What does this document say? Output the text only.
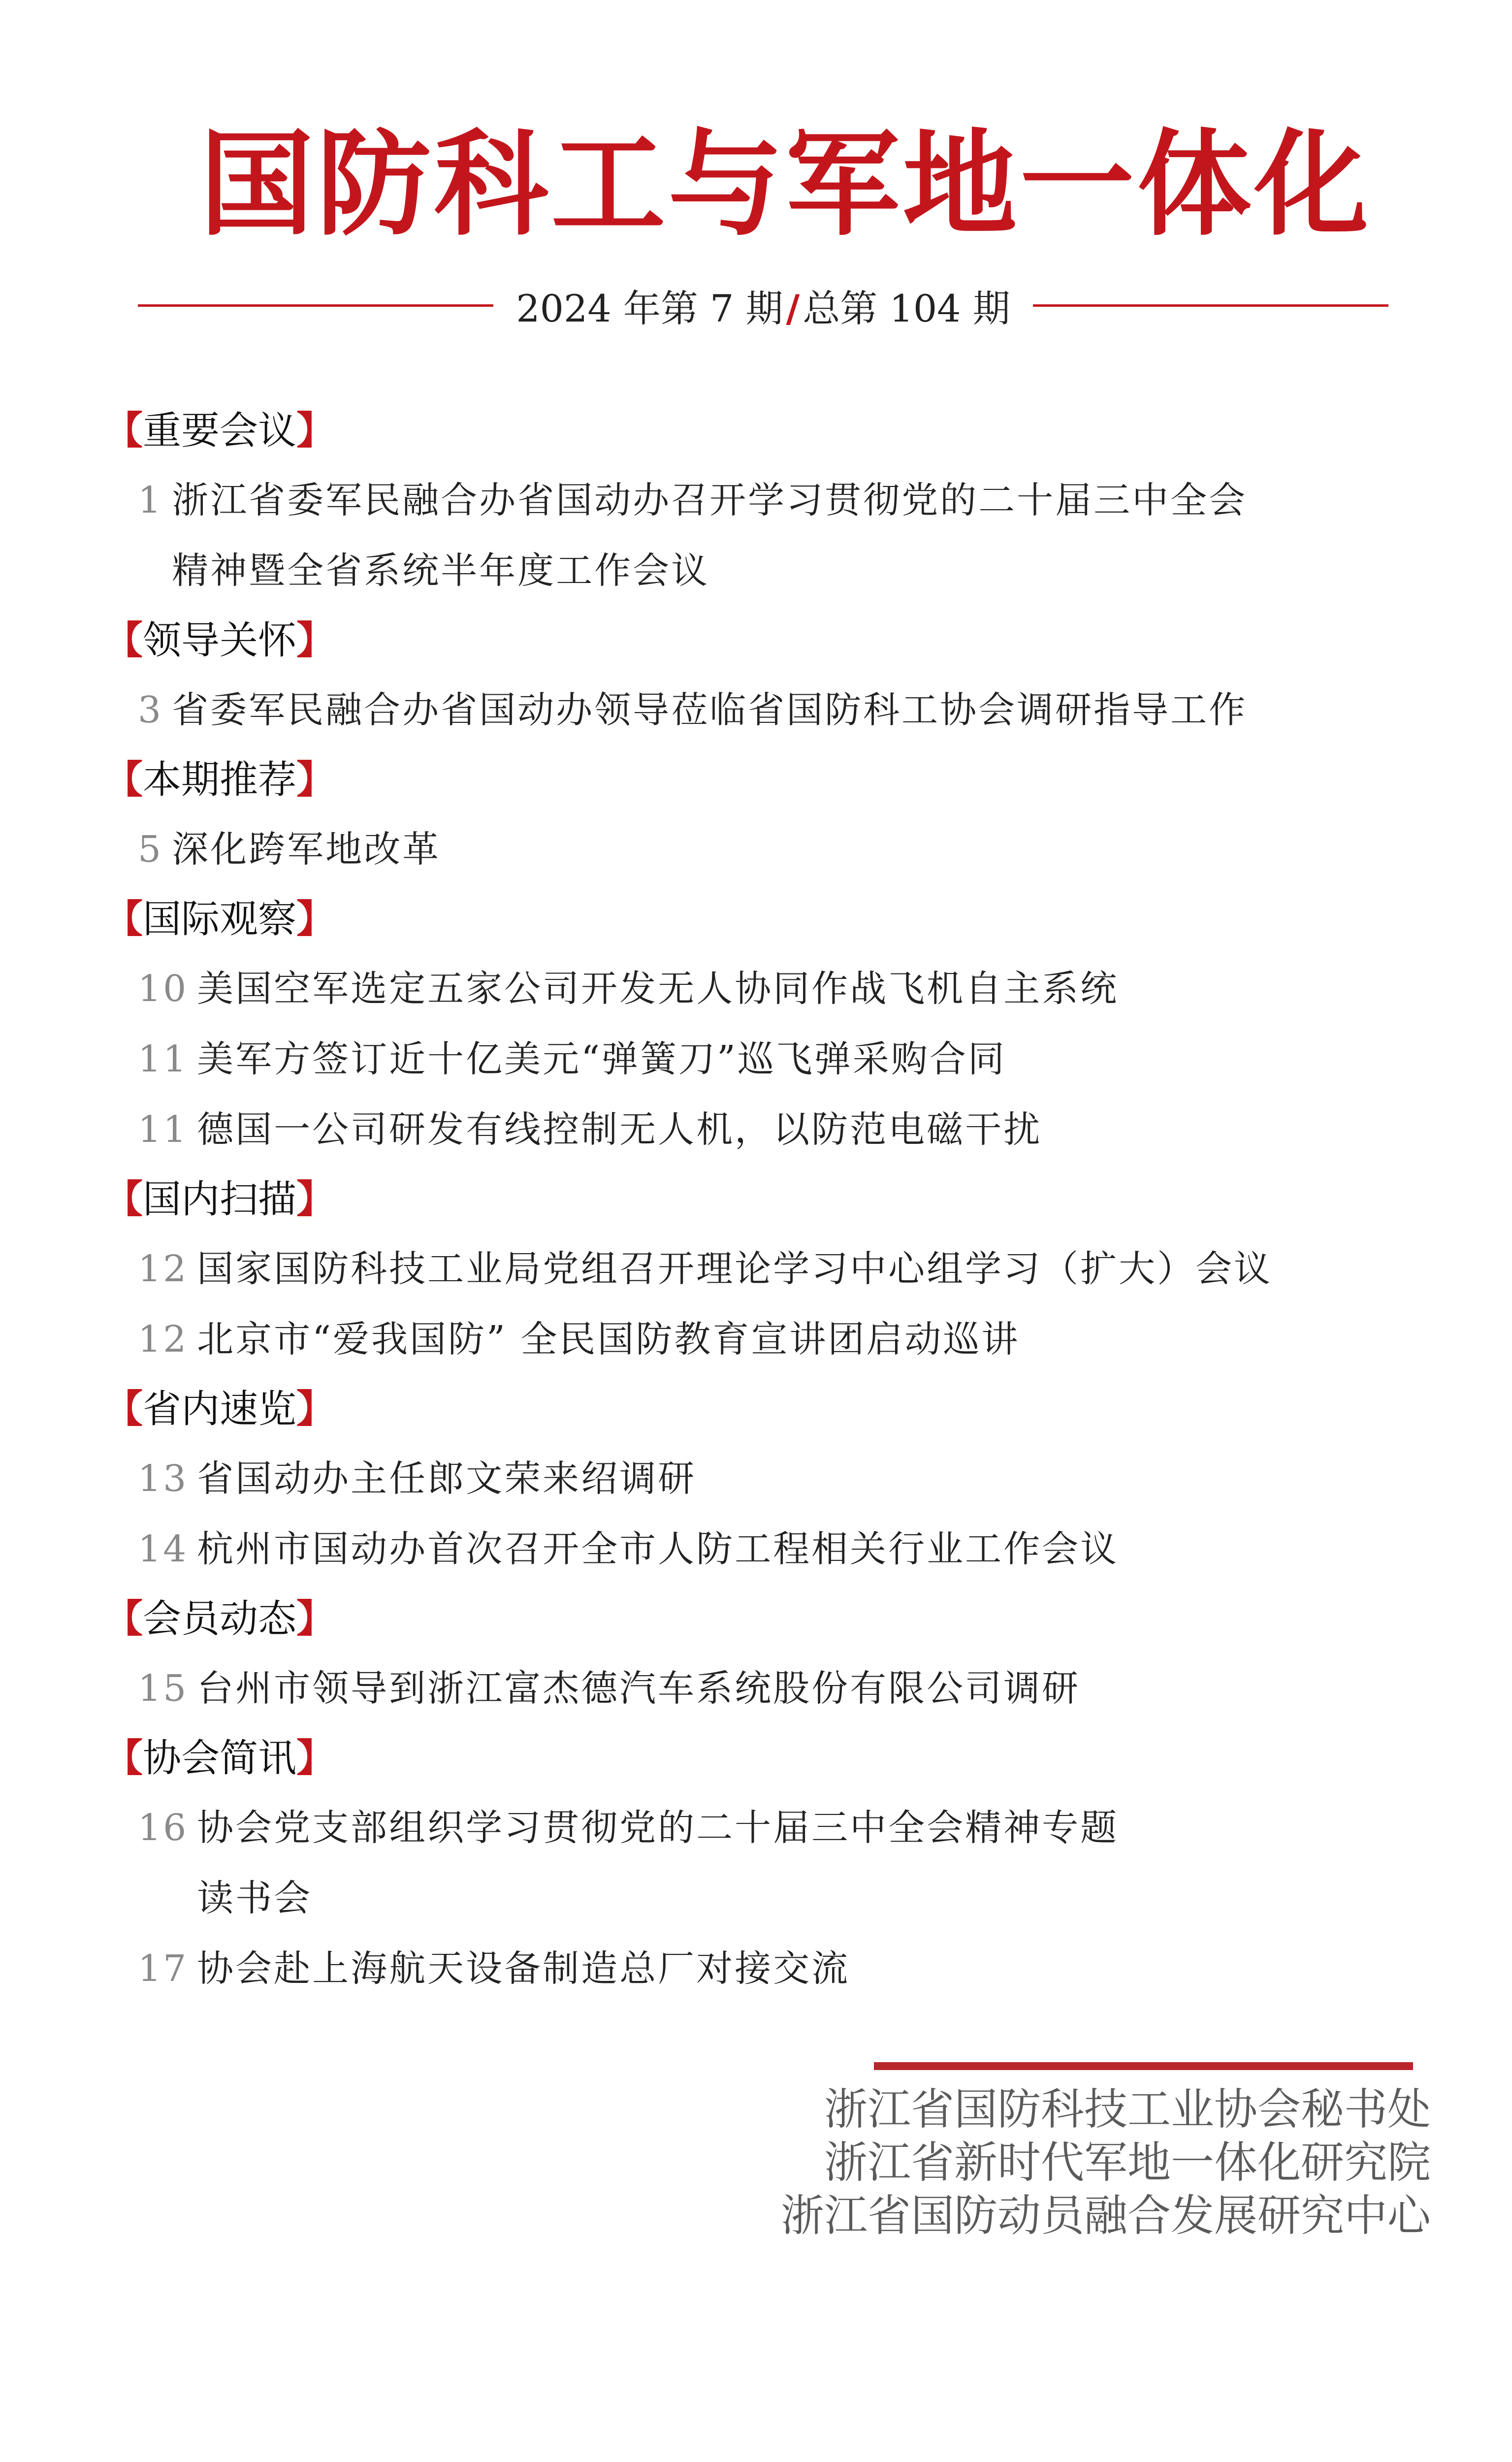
国防科工与军地一体化
2024 年第 7 期/总第 104 期
【重要会议】
1 浙江省委军民融合办省国动办召开学习贯彻党的二十届三中全会
精神暨全省系统半年度工作会议
【领导关怀】
3 省委军民融合办省国动办领导莅临省国防科工协会调研指导工作
【本期推荐】
5 深化跨军地改革
【国际观察】
10 美国空军选定五家公司开发无人协同作战飞机自主系统
11 美军方签订近十亿美元“弹簧刀”巡飞弹采购合同
11 德国一公司研发有线控制无人机，以防范电磁干扰
【国内扫描】
12 国家国防科技工业局党组召开理论学习中心组学习（扩大）会议
12 北京市“爱我国防” 全民国防教育宣讲团启动巡讲
【省内速览】
13 省国动办主任郎文荣来绍调研
14 杭州市国动办首次召开全市人防工程相关行业工作会议
【会员动态】
15 台州市领导到浙江富杰德汽车系统股份有限公司调研
【协会简讯】
16 协会党支部组织学习贯彻党的二十届三中全会精神专题
读书会
17 协会赴上海航天设备制造总厂对接交流
浙江省国防科技工业协会秘书处
浙江省新时代军地一体化研究院
浙江省国防动员融合发展研究中心
